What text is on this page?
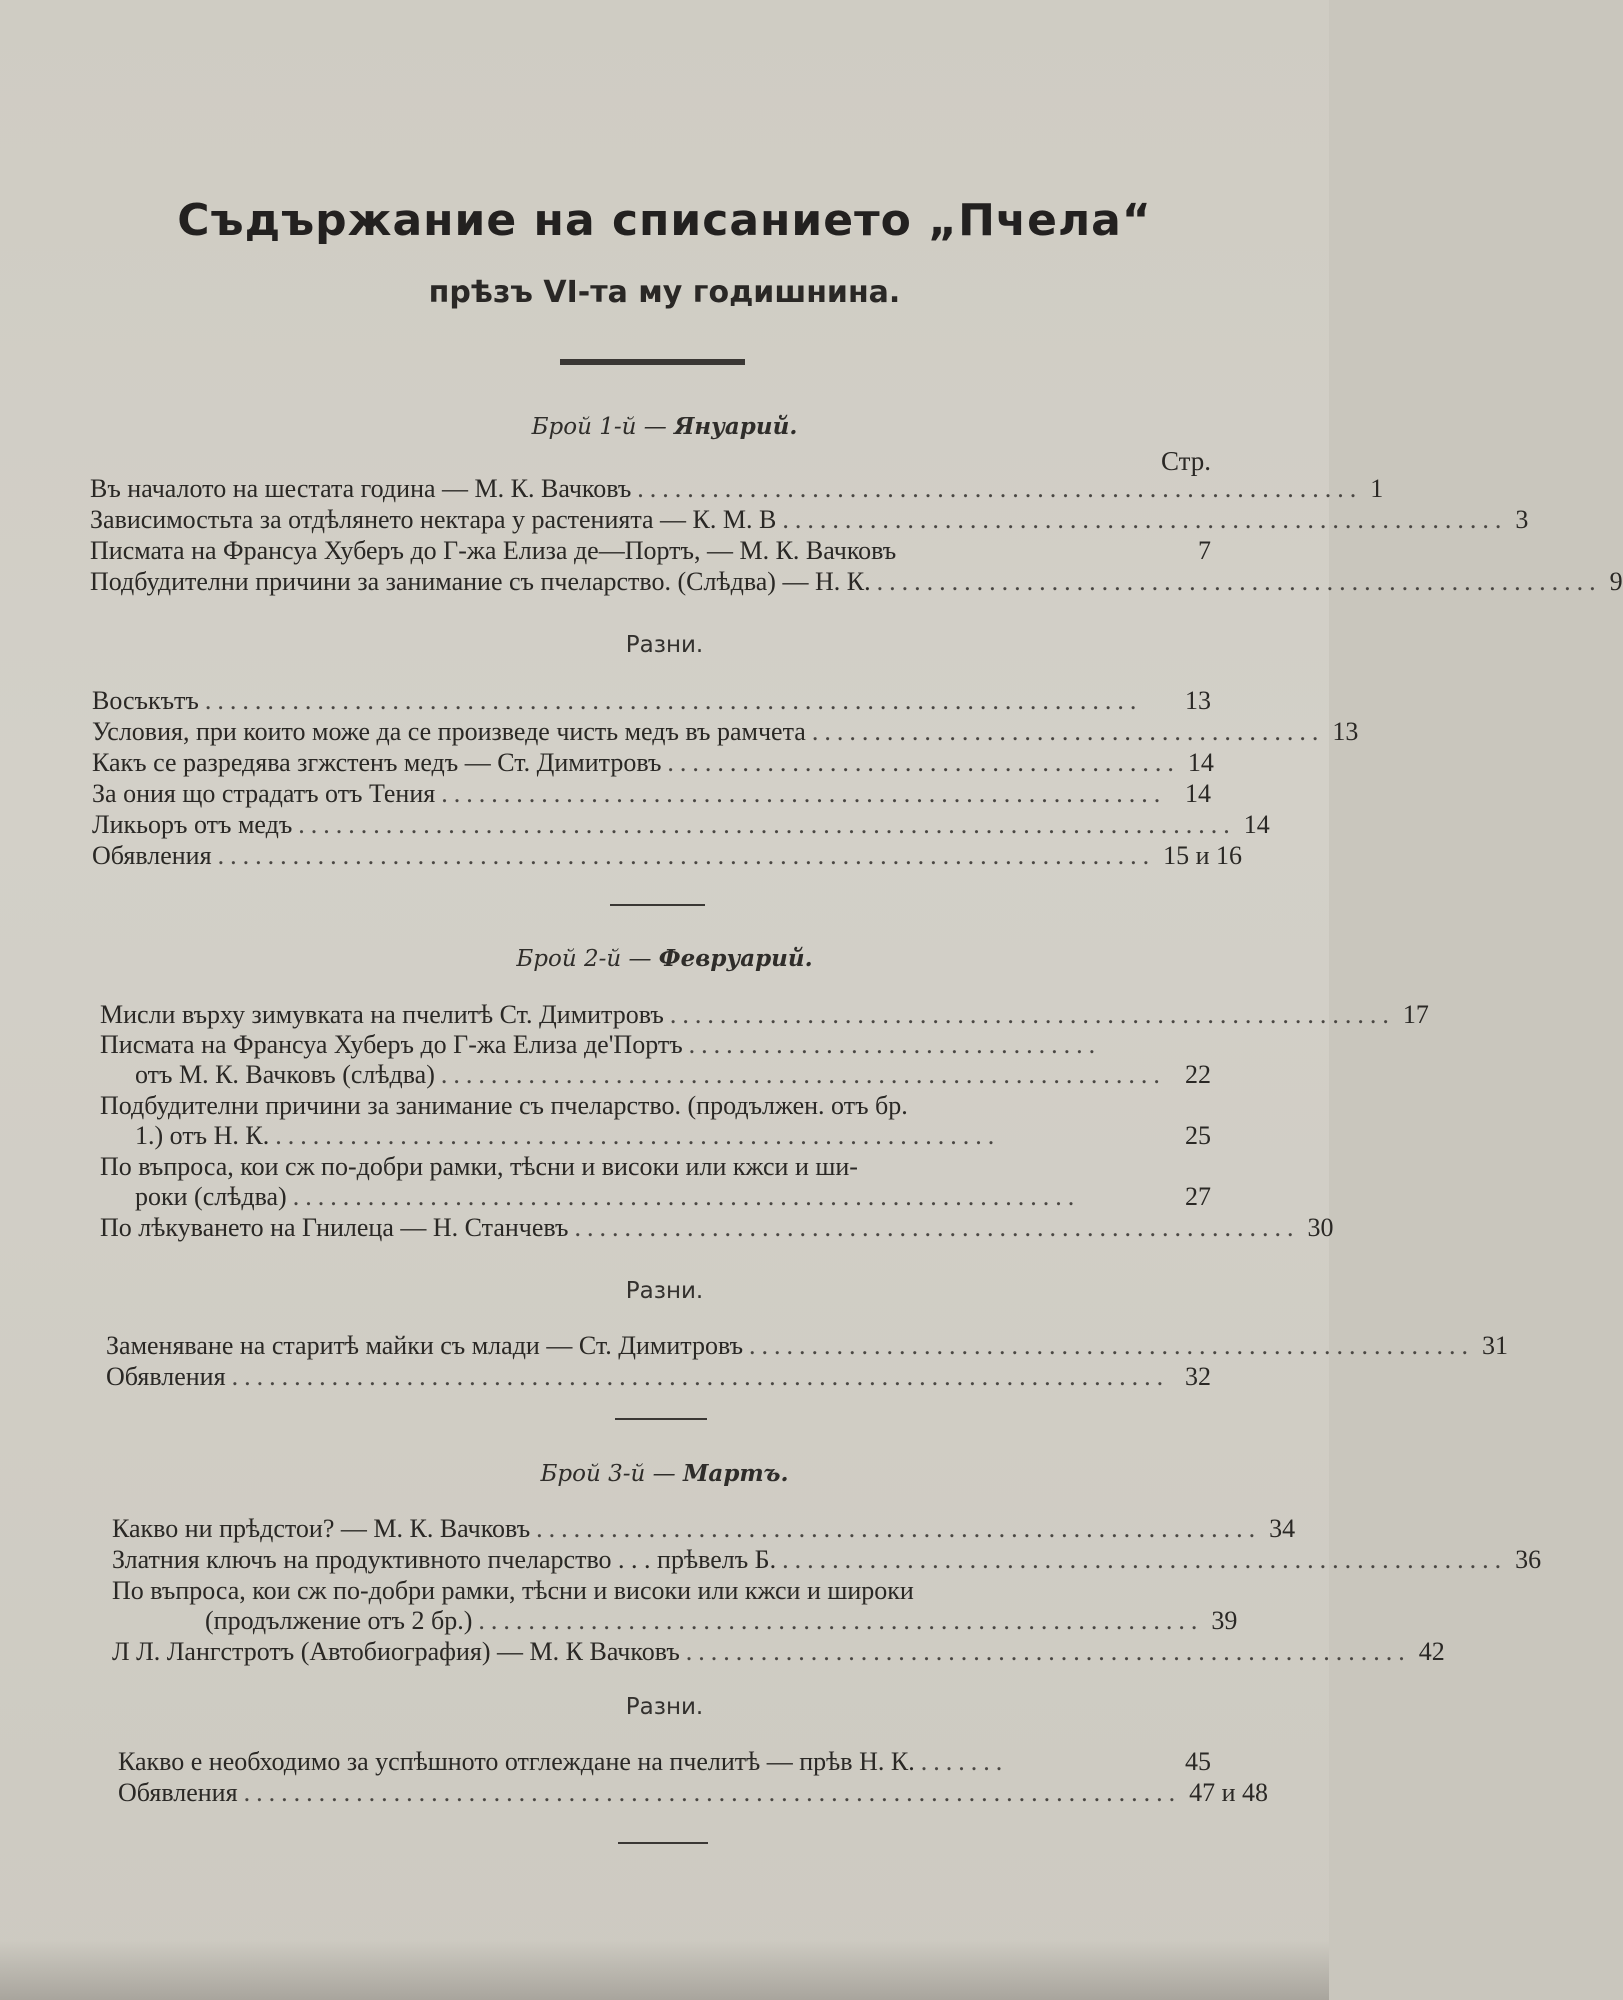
Съдържание на списанието „Пчела“
прѣзъ VI-та му годишнина.
Брой 1-й — Януарий.
Стр.
Въ началото на шестата година — М. К. Вачковъ .......................................................... 1
Зависимостьта за отдѣлянето нектара у растенията — К. М. В .......................................................... 3
Писмата на Франсуа Хуберъ до Г-жа Елиза де—Портъ, — М. К. Вачковъ	7
Подбудителни причини за занимание съ пчеларство. (Слѣдва) — Н. К. .......................................................... 9
Разни.
Восъкътъ ...........................................................................	13
Условия, при които може да се произведе чисть медъ въ рамчета ......................................... 13
Какъ се разредява згжстенъ медъ — Ст. Димитровъ ......................................... 14
За ония що страдатъ отъ Тения .......................................................... 14
Ликьоръ отъ медъ ........................................................................... 14
Обявления ........................................................................... 15 и 16
Брой 2-й — Февруарий.
Мисли върху зимувката на пчелитѣ Ст. Димитровъ .......................................................... 17
Писмата на Франсуа Хуберъ до Г-жа Елиза де'Портъ .................................
отъ М. К. Вачковъ (слѣдва) .......................................................... 22
Подбудителни причини за занимание съ пчеларство. (продължен. отъ бр.
1.) отъ Н. К. ..........................................................	25
По въпроса, кои сж по-добри рамки, тѣсни и високи или кжси и ши-
роки (слѣдва) ...............................................................	27
По лѣкуването на Гнилеца — Н. Станчевъ .......................................................... 30
Разни.
Заменяване на старитѣ майки съ млади — Ст. Димитровъ .......................................................... 31
Обявления ........................................................................... 32
Брой 3-й — Мартъ.
Какво ни прѣдстои? — М. К. Вачковъ .......................................................... 34
Златния ключъ на продуктивното пчеларство . . . прѣвелъ Б. .......................................................... 36
По въпроса, кои сж по-добри рамки, тѣсни и високи или кжси и широки
(продължение отъ 2 бр.) .......................................................... 39
Л Л. Лангстротъ (Автобиография) — М. К Вачковъ .......................................................... 42
Разни.
Какво е необходимо за успѣшното отглеждане на пчелитѣ — прѣв Н. К. .......	45
Обявления ........................................................................... 47 и 48
